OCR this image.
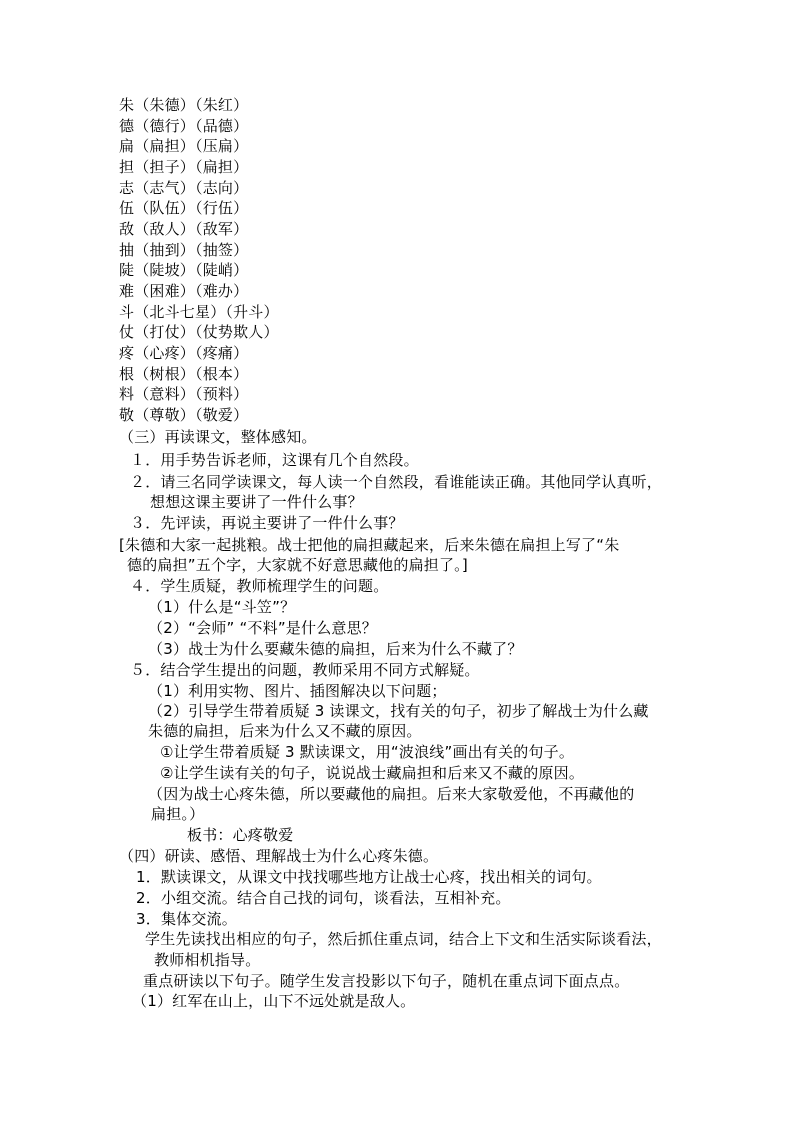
朱（朱德）（朱红）
德（德行）（品德）
扁（扁担）（压扁）
担（担子）（扁担）
志（志气）（志向）
伍（队伍）（行伍）
敌（敌人）（敌军）
抽（抽到）（抽签）
陡（陡坡）（陡峭）
难（困难）（难办）
斗（北斗七星）（升斗）
仗（打仗）（仗势欺人）
疼（心疼）（疼痛）
根（树根）（根本）
料（意料）（预料）
敬（尊敬）（敬爱）
（三）再读课文，整体感知。
１．用手势告诉老师，这课有几个自然段。
２．请三名同学读课文，每人读一个自然段，看谁能读正确。其他同学认真听，
想想这课主要讲了一件什么事？
３．先评读，再说主要讲了一件什么事？
[朱德和大家一起挑粮。战士把他的扁担藏起来，后来朱德在扁担上写了“朱
德的扁担”五个字，大家就不好意思藏他的扁担了。]
４．学生质疑，教师梳理学生的问题。
（1）什么是“斗笠”？
（2）“会师” “不料”是什么意思？
（3）战士为什么要藏朱德的扁担，后来为什么不藏了？
５．结合学生提出的问题，教师采用不同方式解疑。
（1）利用实物、图片、插图解决以下问题；
（2）引导学生带着质疑 3 读课文，找有关的句子，初步了解战士为什么藏
朱德的扁担，后来为什么又不藏的原因。
①让学生带着质疑 3 默读课文，用“波浪线”画出有关的句子。
②让学生读有关的句子，说说战士藏扁担和后来又不藏的原因。
（因为战士心疼朱德，所以要藏他的扁担。后来大家敬爱他，不再藏他的
扁担。）
板书：心疼敬爱
（四）研读、感悟、理解战士为什么心疼朱德。
1．默读课文，从课文中找找哪些地方让战士心疼，找出相关的词句。
2．小组交流。结合自己找的词句，谈看法，互相补充。
3．集体交流。
学生先读找出相应的句子，然后抓住重点词，结合上下文和生活实际谈看法，
教师相机指导。
重点研读以下句子。随学生发言投影以下句子，随机在重点词下面点点。
（1）红军在山上，山下不远处就是敌人。
